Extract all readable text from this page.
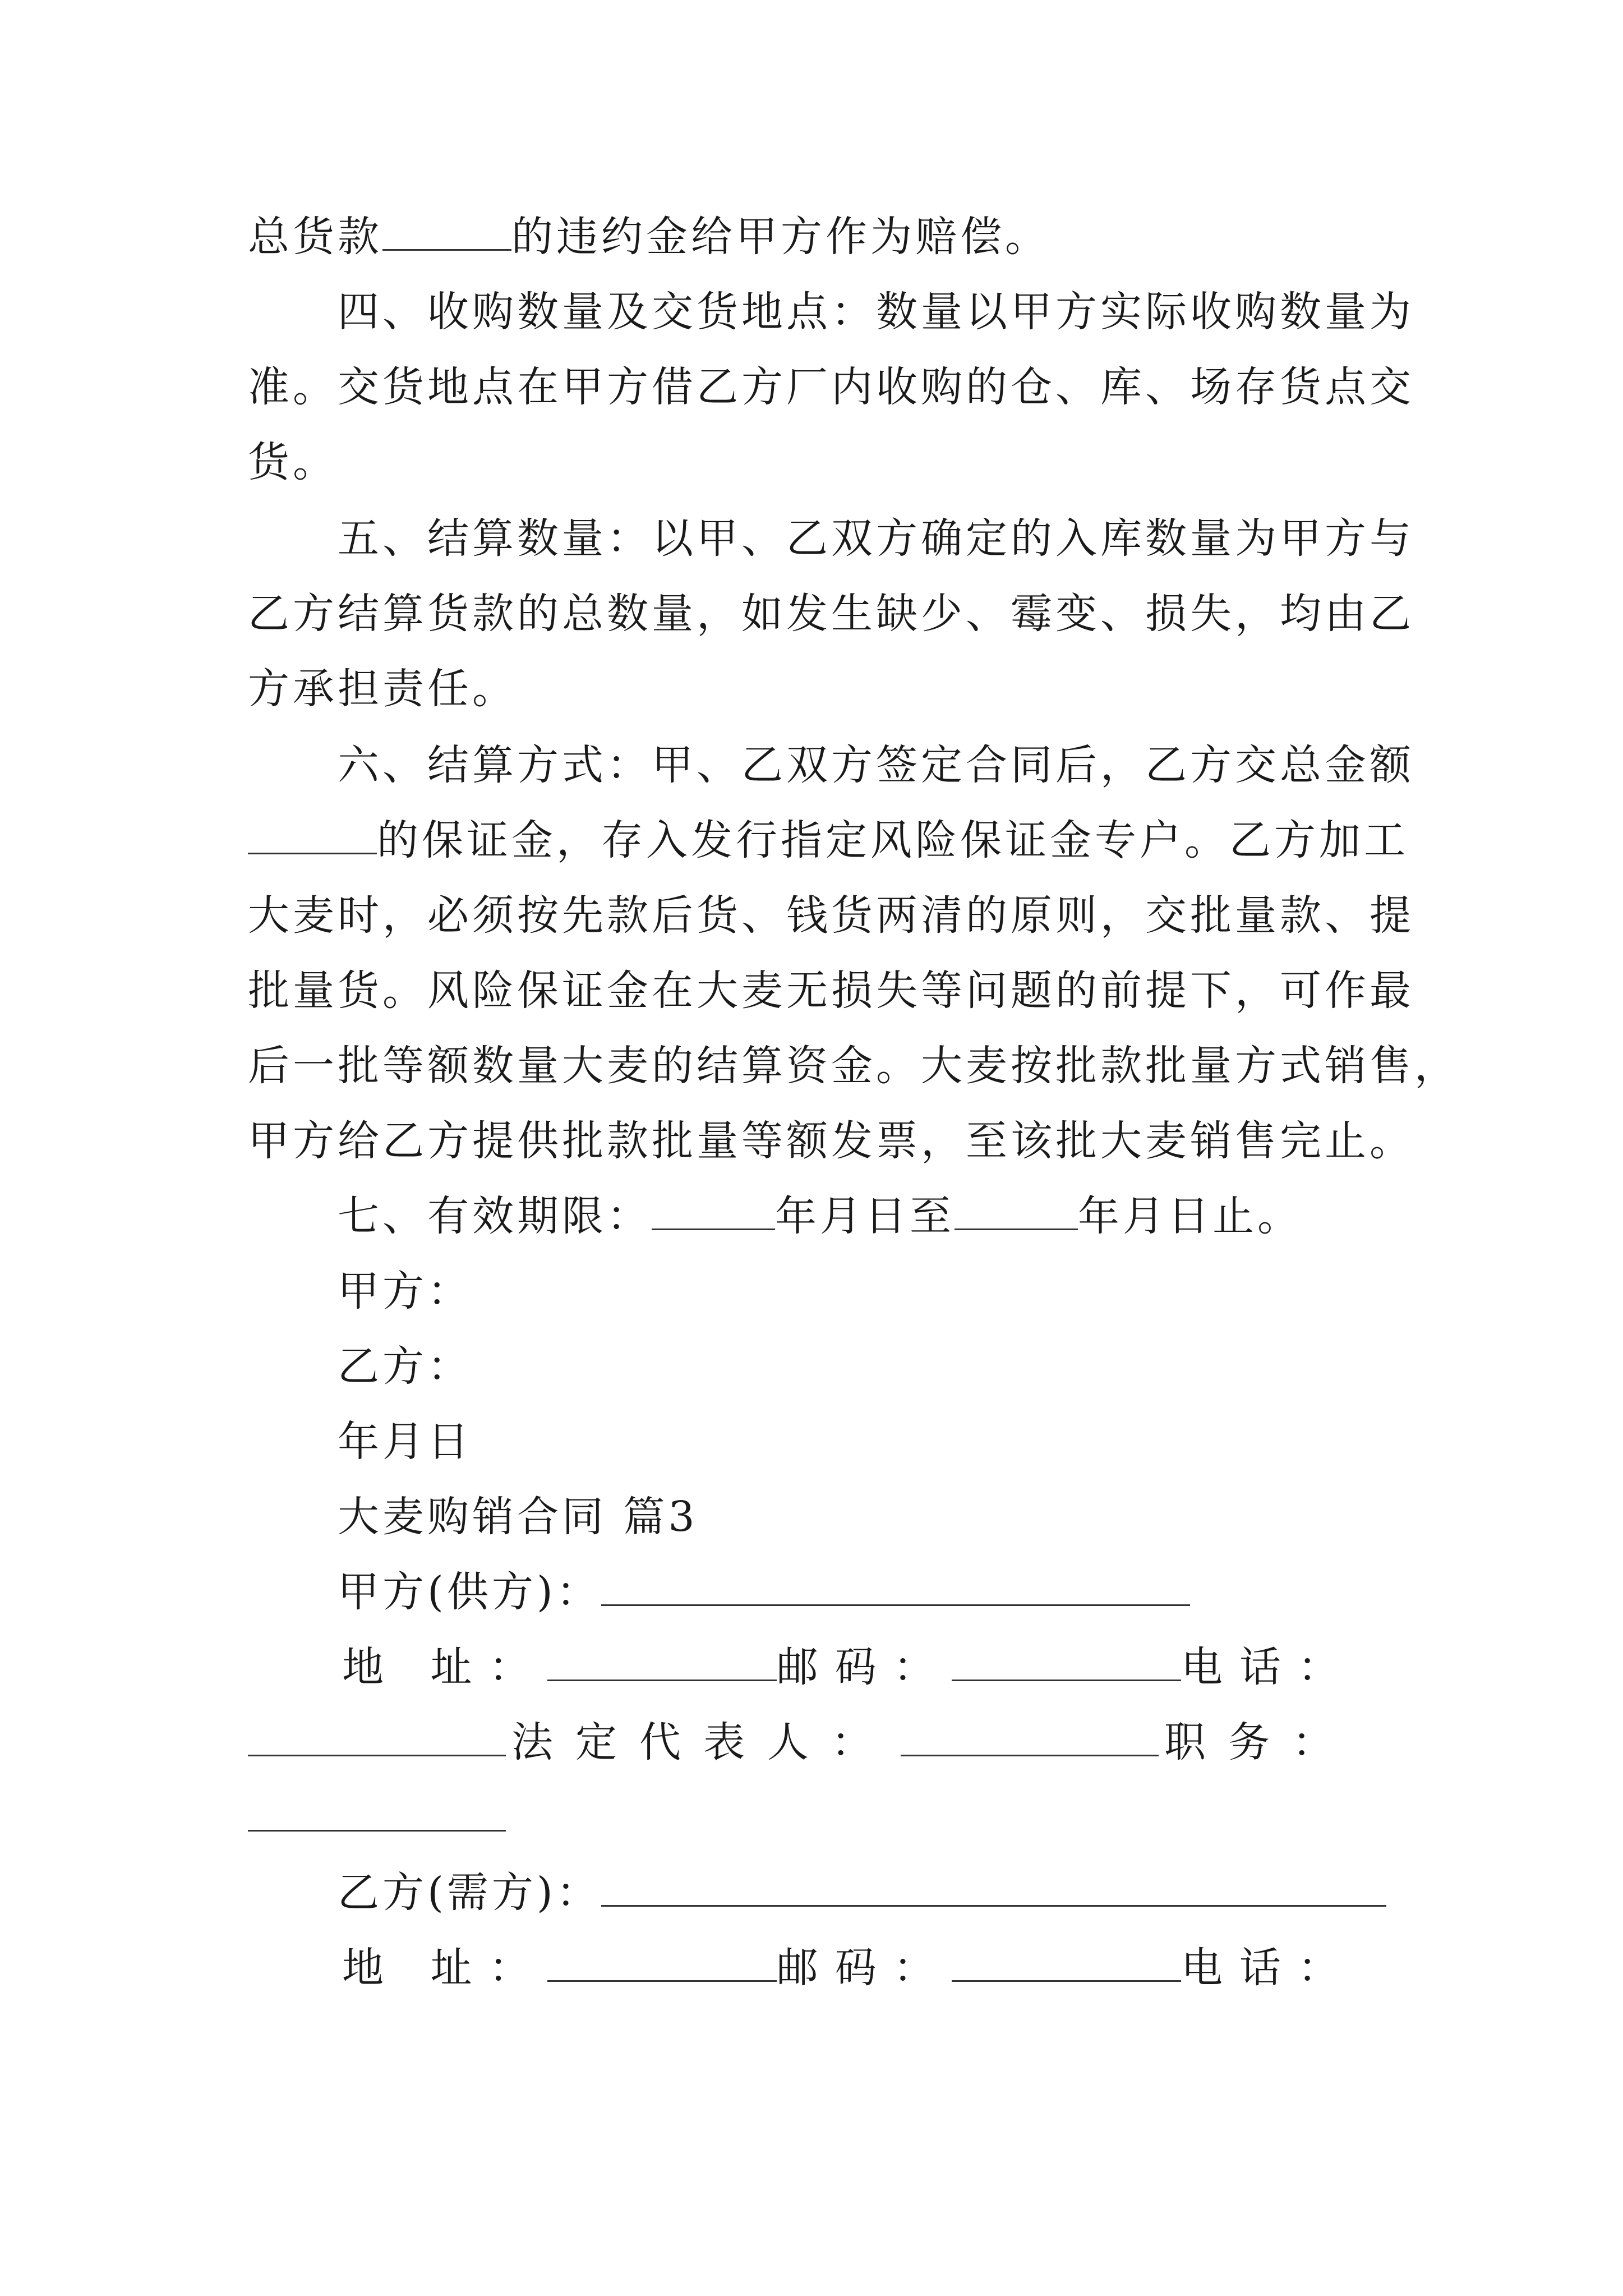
总货款	的违约金给甲方作为赔偿。
四、收购数量及交货地点：数量以甲方实际收购数量为
准。交货地点在甲方借乙方厂内收购的仓、库、场存货点交
货。
五、结算数量：以甲、乙双方确定的入库数量为甲方与
乙方结算货款的总数量，如发生缺少、霉变、损失，均由乙
方承担责任。
六、结算方式：甲、乙双方签定合同后，乙方交总金额
的保证金，存入发行指定风险保证金专户。乙方加工
大麦时，必须按先款后货、钱货两清的原则，交批量款、提
批量货。风险保证金在大麦无损失等问题的前提下，可作最
后一批等额数量大麦的结算资金。大麦按批款批量方式销售，
甲方给乙方提供批款批量等额发票，至该批大麦销售完止。
七、有效期限：	年月日至	年月日止。
甲方：
乙方：
年月日
大麦购销合同 篇3
甲方(供方)：
地 址：	邮码：	电话：
法定代表人：	职务：
乙方(需方)：
地 址：	邮码：	电话：
